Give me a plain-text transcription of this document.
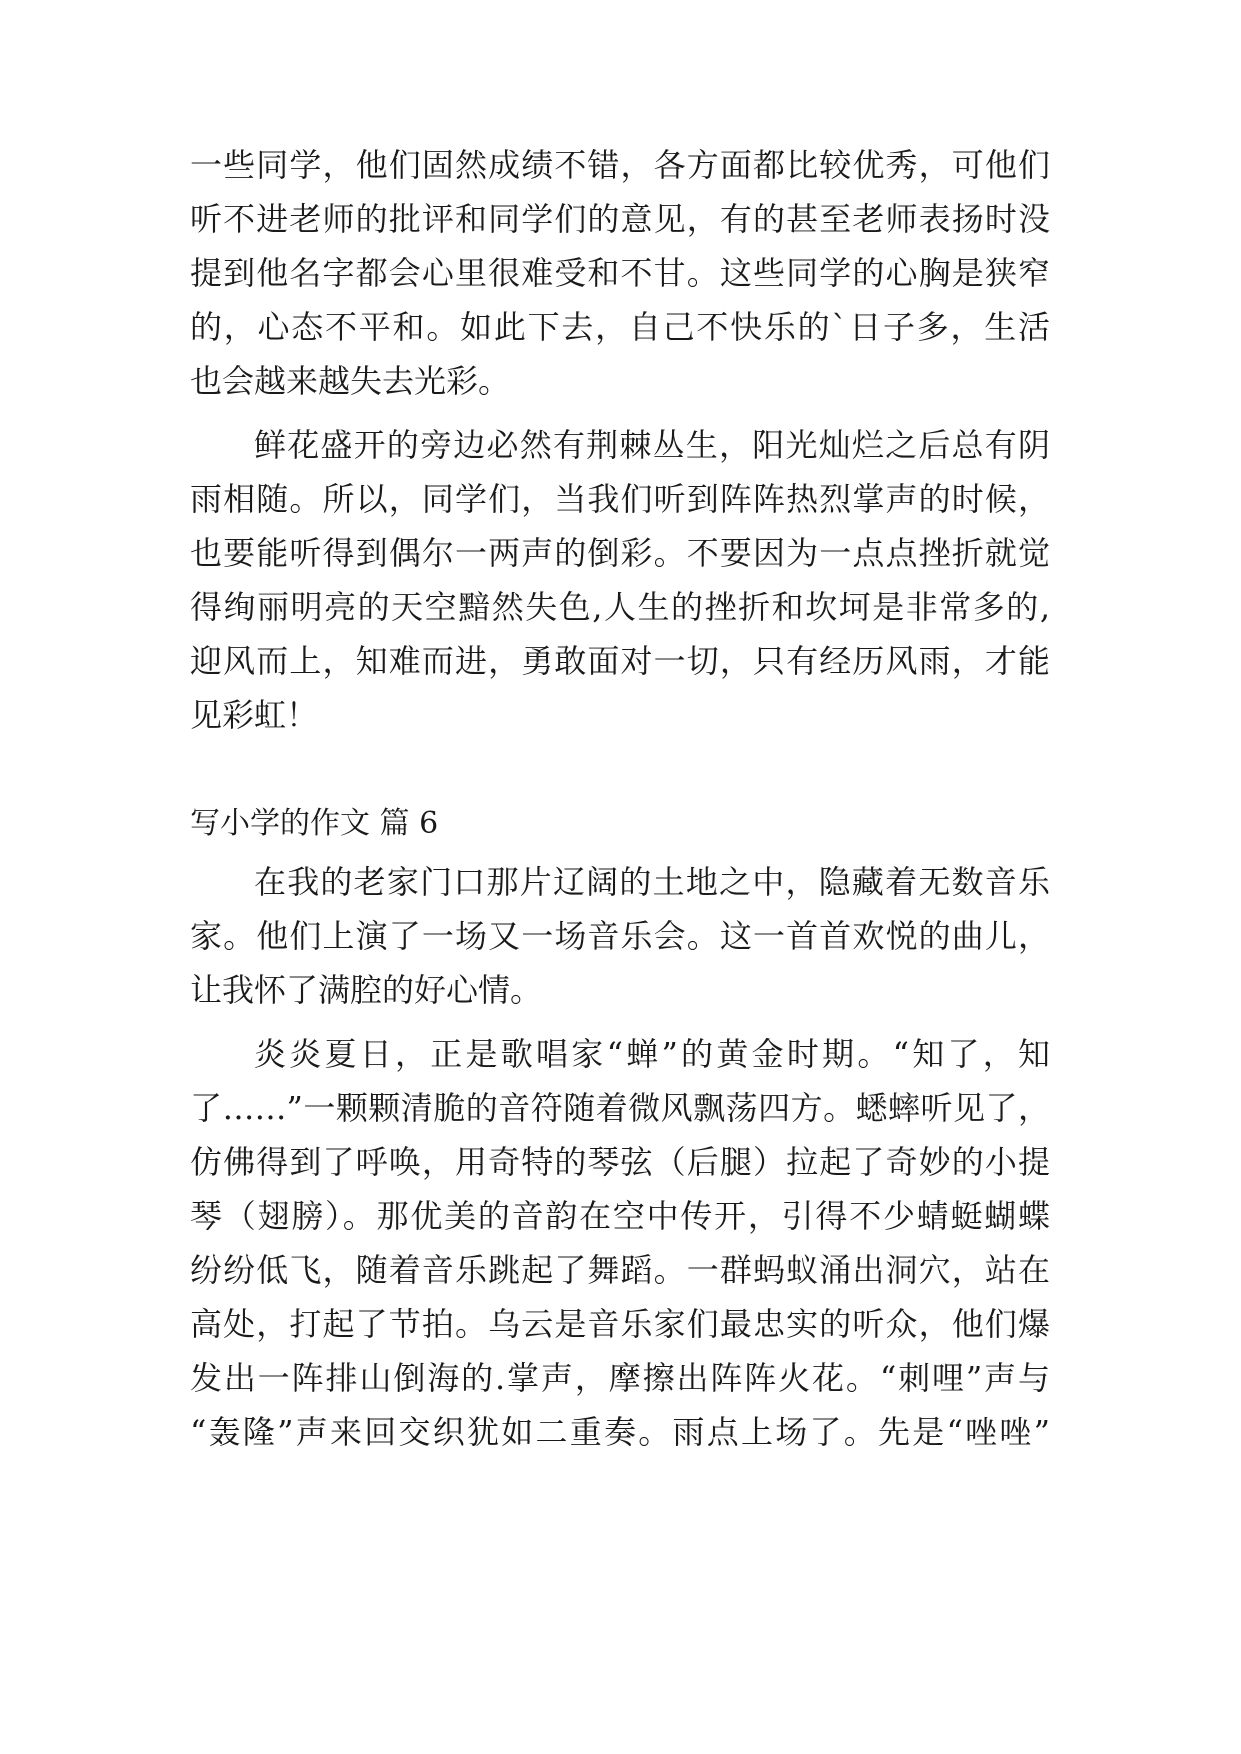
一些同学，他们固然成绩不错，各方面都比较优秀，可他们
听不进老师的批评和同学们的意见，有的甚至老师表扬时没
提到他名字都会心里很难受和不甘。这些同学的心胸是狭窄
的，心态不平和。如此下去，自己不快乐的`日子多，生活
也会越来越失去光彩。
鲜花盛开的旁边必然有荆棘丛生，阳光灿烂之后总有阴
雨相随。所以，同学们，当我们听到阵阵热烈掌声的时候，
也要能听得到偶尔一两声的倒彩。不要因为一点点挫折就觉
得绚丽明亮的天空黯然失色,人生的挫折和坎坷是非常多的,
迎风而上，知难而进，勇敢面对一切，只有经历风雨，才能
见彩虹！
写小学的作文 篇 6
在我的老家门口那片辽阔的土地之中，隐藏着无数音乐
家。他们上演了一场又一场音乐会。这一首首欢悦的曲儿，
让我怀了满腔的好心情。
炎炎夏日，正是歌唱家“蝉”的黄金时期。“知了，知
了……”一颗颗清脆的音符随着微风飘荡四方。蟋蟀听见了，
仿佛得到了呼唤，用奇特的琴弦（后腿）拉起了奇妙的小提
琴（翅膀）。那优美的音韵在空中传开，引得不少蜻蜓蝴蝶
纷纷低飞，随着音乐跳起了舞蹈。一群蚂蚁涌出洞穴，站在
高处，打起了节拍。乌云是音乐家们最忠实的听众，他们爆
发出一阵排山倒海的.掌声，摩擦出阵阵火花。“刺哩”声与
“轰隆”声来回交织犹如二重奏。雨点上场了。先是“唑唑”
